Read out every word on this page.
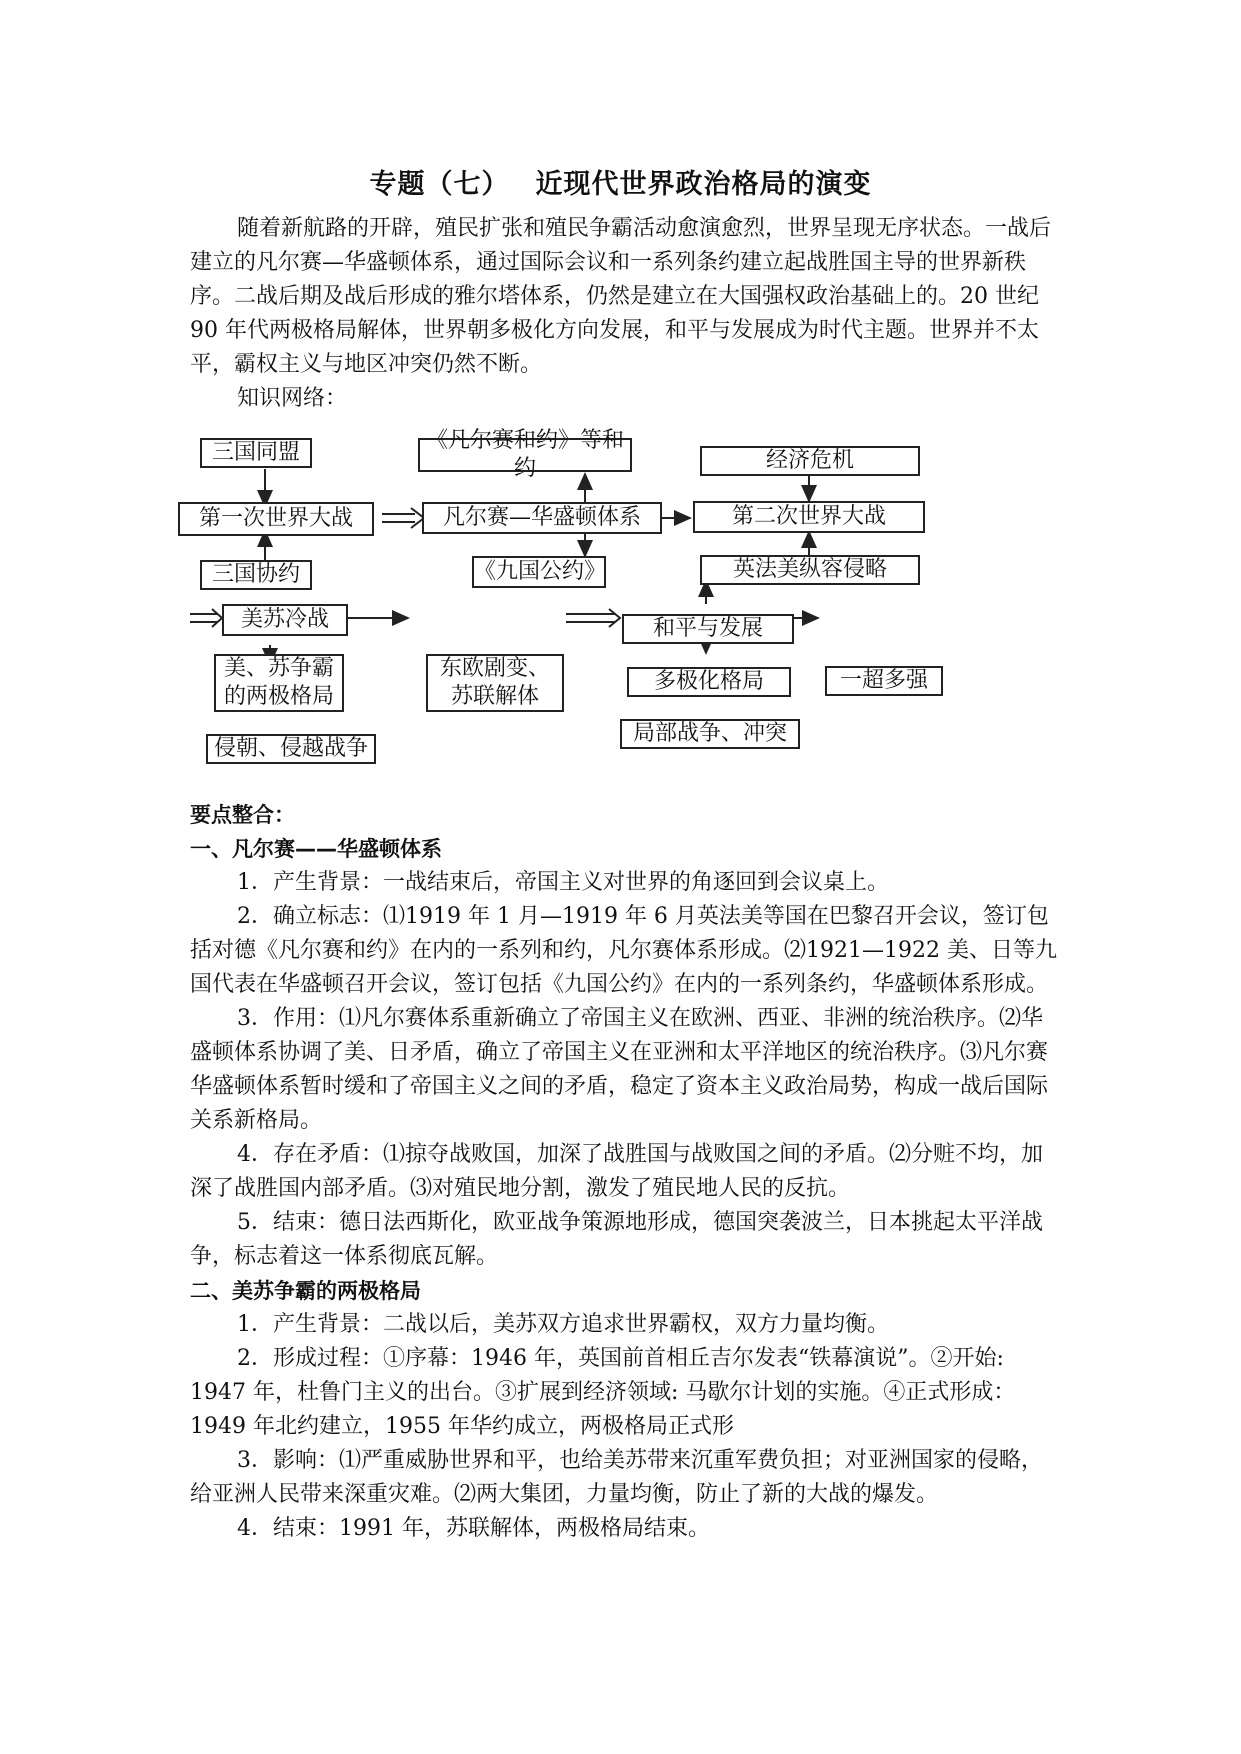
专题（七） 近现代世界政治格局的演变

随着新航路的开辟，殖民扩张和殖民争霸活动愈演愈烈，世界呈现无序状态。一战后建立的凡尔赛—华盛顿体系，通过国际会议和一系列条约建立起战胜国主导的世界新秩序。二战后期及战后形成的雅尔塔体系，仍然是建立在大国强权政治基础上的。20 世纪 90 年代两极格局解体，世界朝多极化方向发展，和平与发展成为时代主题。世界并不太平，霸权主义与地区冲突仍然不断。

知识网络：

三国同盟
第一次世界大战
三国协约
《凡尔赛和约》等和约
凡尔赛—华盛顿体系
《九国公约》
经济危机
第二次世界大战
英法美纵容侵略
美苏冷战
美、苏争霸
的两极格局
侵朝、侵越战争
东欧剧变、
苏联解体
和平与发展
多极化格局	一超多强
局部战争、冲突

要点整合：

一、凡尔赛——华盛顿体系

1．产生背景：一战结束后，帝国主义对世界的角逐回到会议桌上。

2．确立标志：⑴1919 年 1 月—1919 年 6 月英法美等国在巴黎召开会议，签订包括对德《凡尔赛和约》在内的一系列和约，凡尔赛体系形成。⑵1921—1922 美、日等九国代表在华盛顿召开会议，签订包括《九国公约》在内的一系列条约，华盛顿体系形成。

3．作用：⑴凡尔赛体系重新确立了帝国主义在欧洲、西亚、非洲的统治秩序。⑵华盛顿体系协调了美、日矛盾，确立了帝国主义在亚洲和太平洋地区的统治秩序。⑶凡尔赛华盛顿体系暂时缓和了帝国主义之间的矛盾，稳定了资本主义政治局势，构成一战后国际关系新格局。

4．存在矛盾：⑴掠夺战败国，加深了战胜国与战败国之间的矛盾。⑵分赃不均，加深了战胜国内部矛盾。⑶对殖民地分割，激发了殖民地人民的反抗。

5．结束：德日法西斯化，欧亚战争策源地形成，德国突袭波兰，日本挑起太平洋战争，标志着这一体系彻底瓦解。

二、美苏争霸的两极格局

1．产生背景：二战以后，美苏双方追求世界霸权，双方力量均衡。

2．形成过程：①序幕：1946 年，英国前首相丘吉尔发表“铁幕演说”。②开始: 1947 年，杜鲁门主义的出台。③扩展到经济领域: 马歇尔计划的实施。④正式形成：1949 年北约建立，1955 年华约成立，两极格局正式形

3．影响：⑴严重威胁世界和平，也给美苏带来沉重军费负担；对亚洲国家的侵略，给亚洲人民带来深重灾难。⑵两大集团，力量均衡，防止了新的大战的爆发。

4．结束：1991 年，苏联解体，两极格局结束。
